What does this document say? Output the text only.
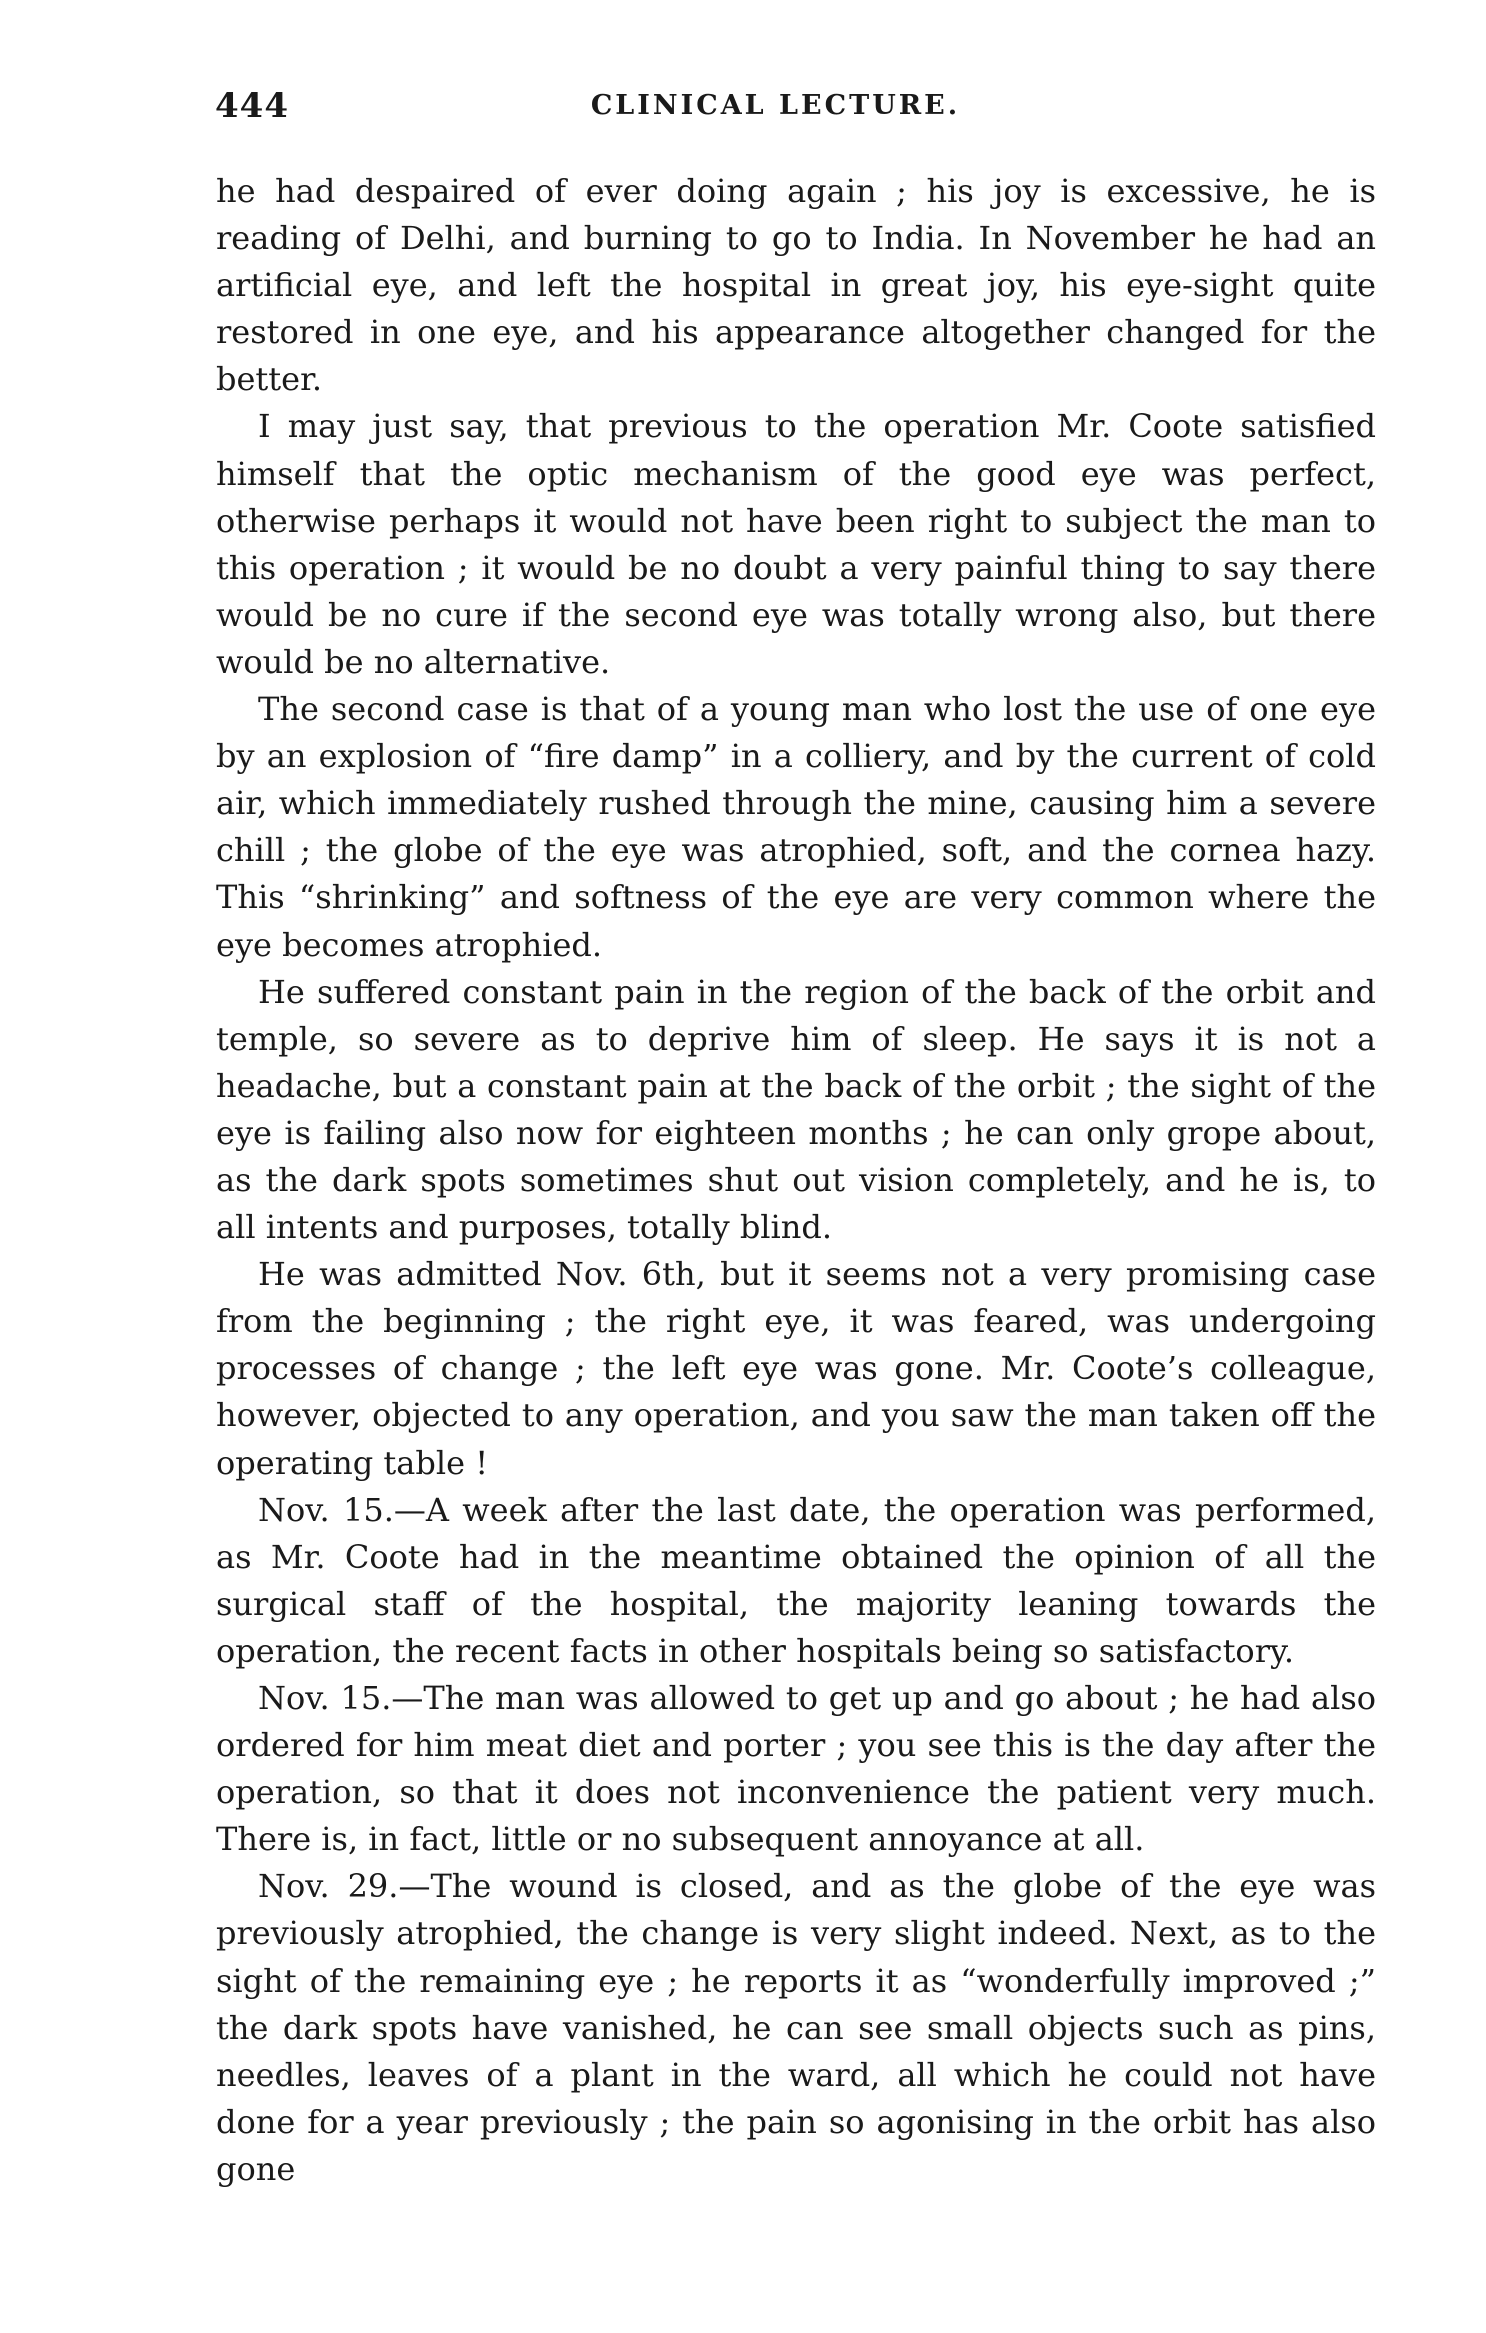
444	CLINICAL LECTURE.

he had despaired of ever doing again ; his joy is excessive, he is reading of Delhi, and burning to go to India. In November he had an artificial eye, and left the hospital in great joy, his eye-sight quite restored in one eye, and his appearance altogether changed for the better.

I may just say, that previous to the operation Mr. Coote satisfied himself that the optic mechanism of the good eye was perfect, otherwise perhaps it would not have been right to subject the man to this operation ; it would be no doubt a very painful thing to say there would be no cure if the second eye was totally wrong also, but there would be no alternative.

The second case is that of a young man who lost the use of one eye by an explosion of “fire damp” in a colliery, and by the current of cold air, which immediately rushed through the mine, causing him a severe chill ; the globe of the eye was atrophied, soft, and the cornea hazy. This “shrinking” and softness of the eye are very common where the eye becomes atrophied.

He suffered constant pain in the region of the back of the orbit and temple, so severe as to deprive him of sleep. He says it is not a headache, but a constant pain at the back of the orbit ; the sight of the eye is failing also now for eighteen months ; he can only grope about, as the dark spots sometimes shut out vision completely, and he is, to all intents and purposes, totally blind.

He was admitted Nov. 6th, but it seems not a very promising case from the beginning ; the right eye, it was feared, was undergoing processes of change ; the left eye was gone. Mr. Coote’s colleague, however, objected to any operation, and you saw the man taken off the operating table !

Nov. 15.—A week after the last date, the operation was performed, as Mr. Coote had in the meantime obtained the opinion of all the surgical staff of the hospital, the majority leaning towards the operation, the recent facts in other hospitals being so satisfactory.

Nov. 15.—The man was allowed to get up and go about ; he had also ordered for him meat diet and porter ; you see this is the day after the operation, so that it does not inconvenience the patient very much. There is, in fact, little or no subsequent annoyance at all.

Nov. 29.—The wound is closed, and as the globe of the eye was previously atrophied, the change is very slight indeed. Next, as to the sight of the remaining eye ; he reports it as “wonderfully improved ;” the dark spots have vanished, he can see small objects such as pins, needles, leaves of a plant in the ward, all which he could not have done for a year previously ; the pain so agonising in the orbit has also gone
